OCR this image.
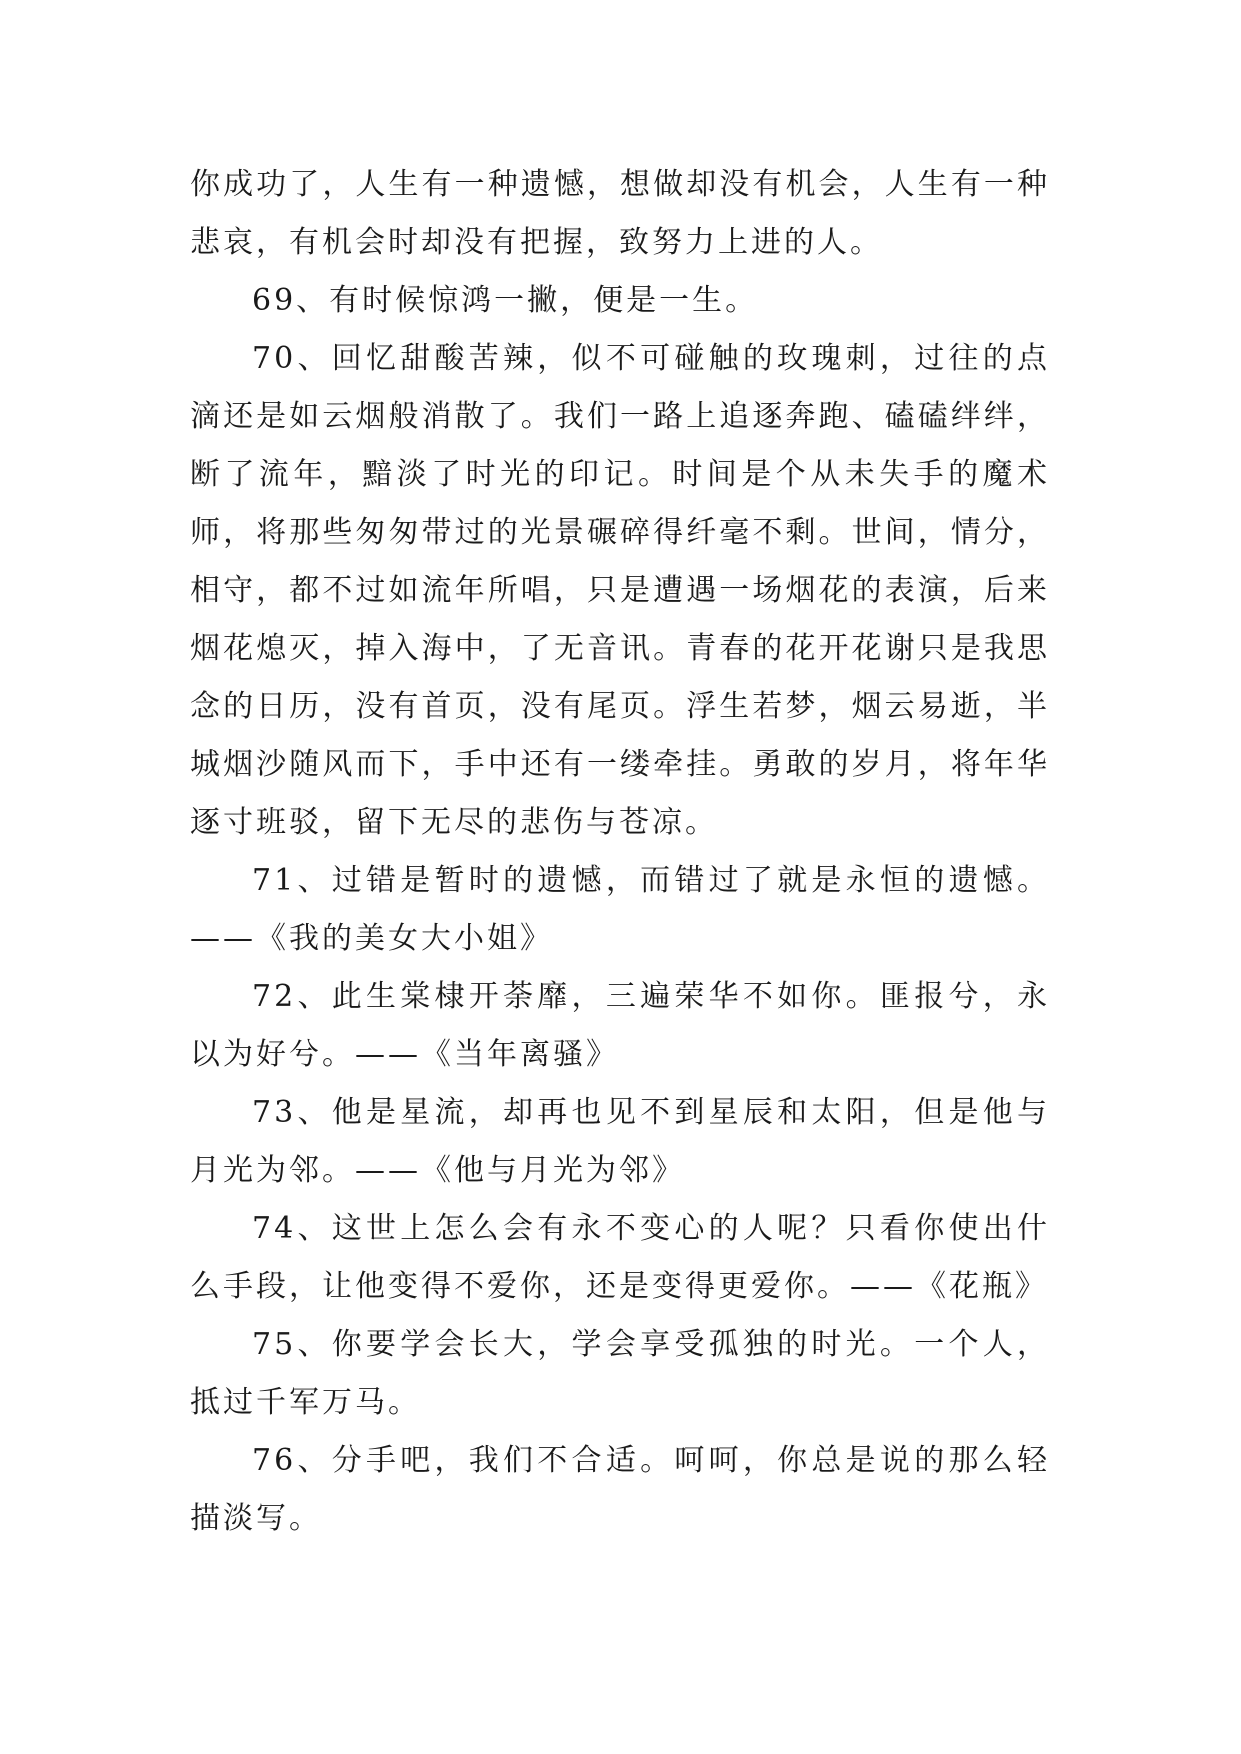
你成功了，人生有一种遗憾，想做却没有机会，人生有一种悲哀，有机会时却没有把握，致努力上进的人。

69、有时候惊鸿一撇，便是一生。

70、回忆甜酸苦辣，似不可碰触的玫瑰刺，过往的点滴还是如云烟般消散了。我们一路上追逐奔跑、磕磕绊绊，断了流年，黯淡了时光的印记。时间是个从未失手的魔术师，将那些匆匆带过的光景碾碎得纤毫不剩。世间，情分，相守，都不过如流年所唱，只是遭遇一场烟花的表演，后来烟花熄灭，掉入海中，了无音讯。青春的花开花谢只是我思念的日历，没有首页，没有尾页。浮生若梦，烟云易逝，半城烟沙随风而下，手中还有一缕牵挂。勇敢的岁月，将年华逐寸班驳，留下无尽的悲伤与苍凉。

71、过错是暂时的遗憾，而错过了就是永恒的遗憾。——《我的美女大小姐》

72、此生棠棣开荼靡，三遍荣华不如你。匪报兮，永以为好兮。——《当年离骚》

73、他是星流，却再也见不到星辰和太阳，但是他与月光为邻。——《他与月光为邻》

74、这世上怎么会有永不变心的人呢？只看你使出什么手段，让他变得不爱你，还是变得更爱你。——《花瓶》

75、你要学会长大，学会享受孤独的时光。一个人，抵过千军万马。

76、分手吧，我们不合适。呵呵，你总是说的那么轻描淡写。
